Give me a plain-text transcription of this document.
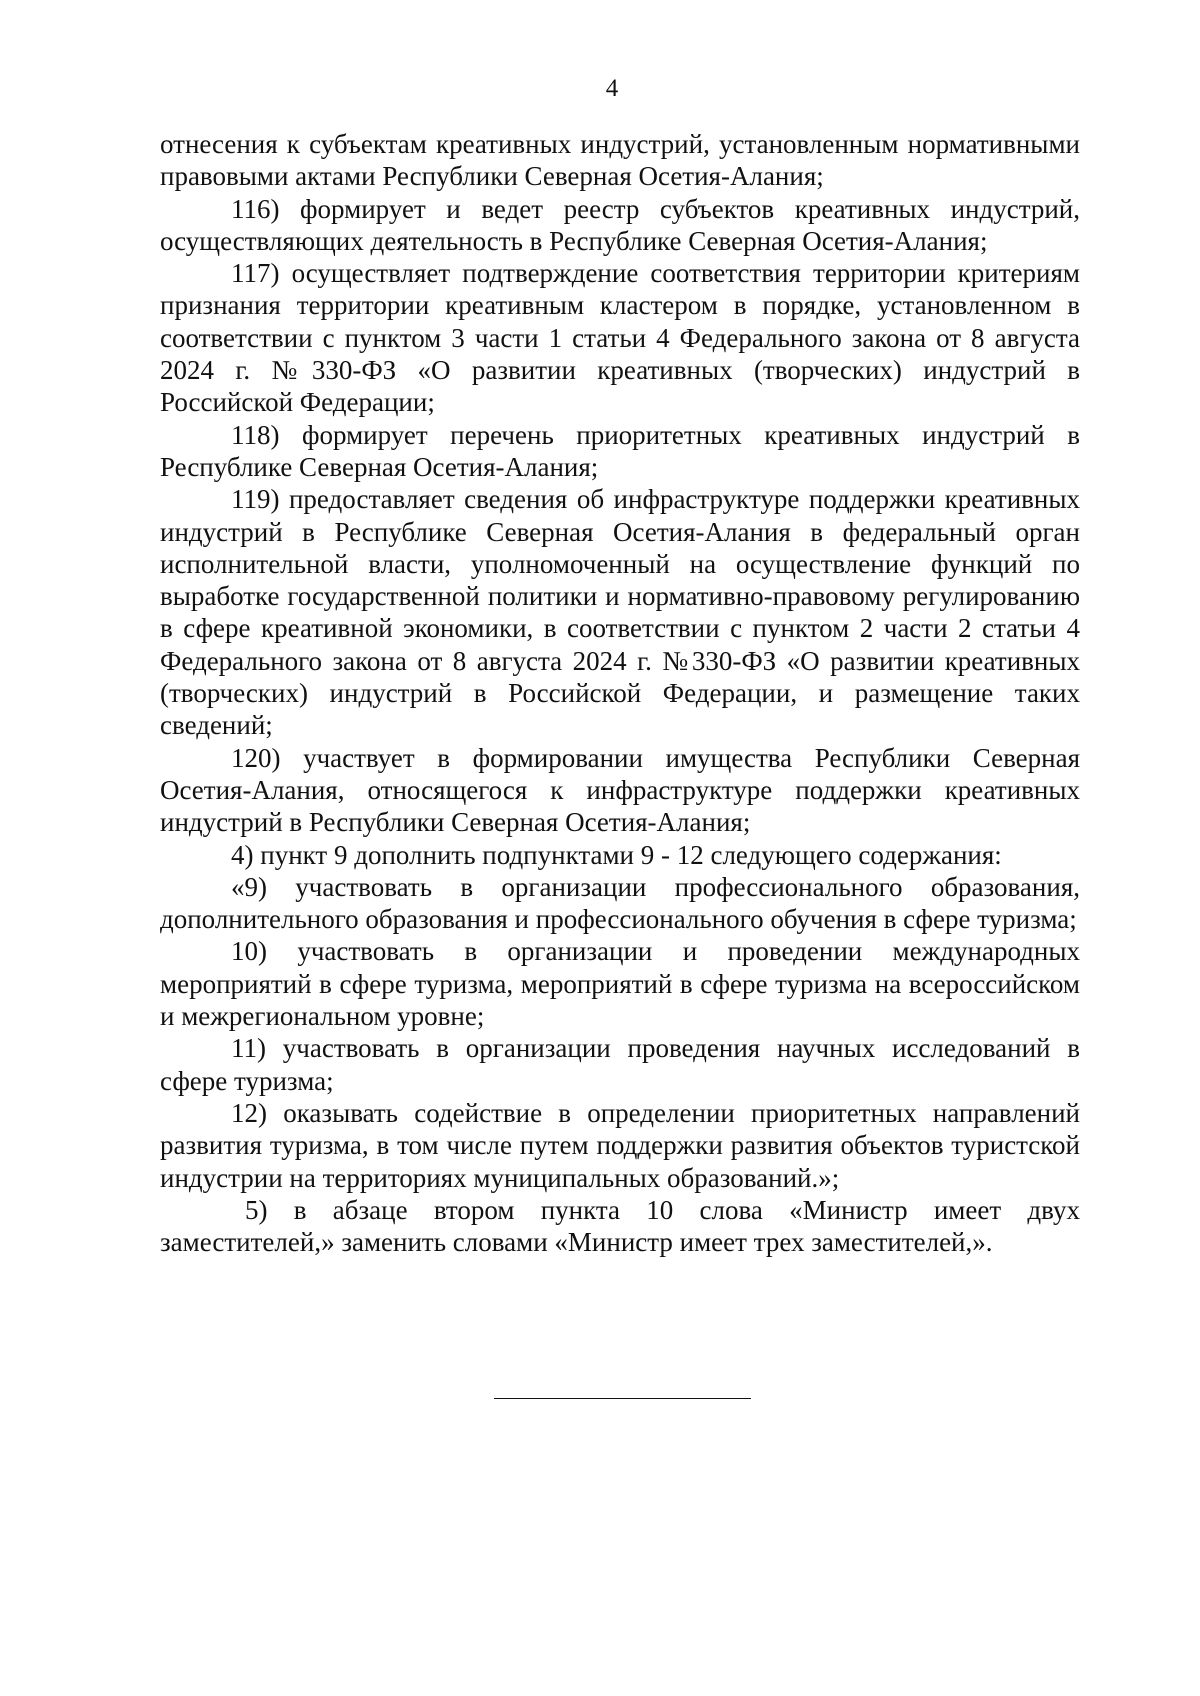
4

отнесения к субъектам креативных индустрий, установленным нормативными правовыми актами Республики Северная Осетия-Алания;

116) формирует и ведет реестр субъектов креативных индустрий, осуществляющих деятельность в Республике Северная Осетия-Алания;

117) осуществляет подтверждение соответствия территории критериям признания территории креативным кластером в порядке, установленном в соответствии с пунктом 3 части 1 статьи 4 Федерального закона от 8 августа 2024 г. №330-ФЗ «О развитии креативных (творческих) индустрий в Российской Федерации;

118) формирует перечень приоритетных креативных индустрий в Республике Северная Осетия-Алания;

119) предоставляет сведения об инфраструктуре поддержки креативных индустрий в Республике Северная Осетия-Алания в федеральный орган исполнительной власти, уполномоченный на осуществление функций по выработке государственной политики и нормативно-правовому регулированию в сфере креативной экономики, в соответствии с пунктом 2 части 2 статьи 4 Федерального закона от 8 августа 2024 г. №330-ФЗ «О развитии креативных (творческих) индустрий в Российской Федерации, и размещение таких сведений;

120) участвует в формировании имущества Республики Северная Осетия-Алания, относящегося к инфраструктуре поддержки креативных индустрий в Республики Северная Осетия-Алания;

4) пункт 9 дополнить подпунктами 9 - 12 следующего содержания:

«9) участвовать в организации профессионального образования, дополнительного образования и профессионального обучения в сфере туризма;

10) участвовать в организации и проведении международных мероприятий в сфере туризма, мероприятий в сфере туризма на всероссийском и межрегиональном уровне;

11) участвовать в организации проведения научных исследований в сфере туризма;

12) оказывать содействие в определении приоритетных направлений развития туризма, в том числе путем поддержки развития объектов туристской индустрии на территориях муниципальных образований.»;

5) в абзаце втором пункта 10 слова «Министр имеет двух заместителей,» заменить словами «Министр имеет трех заместителей,».
